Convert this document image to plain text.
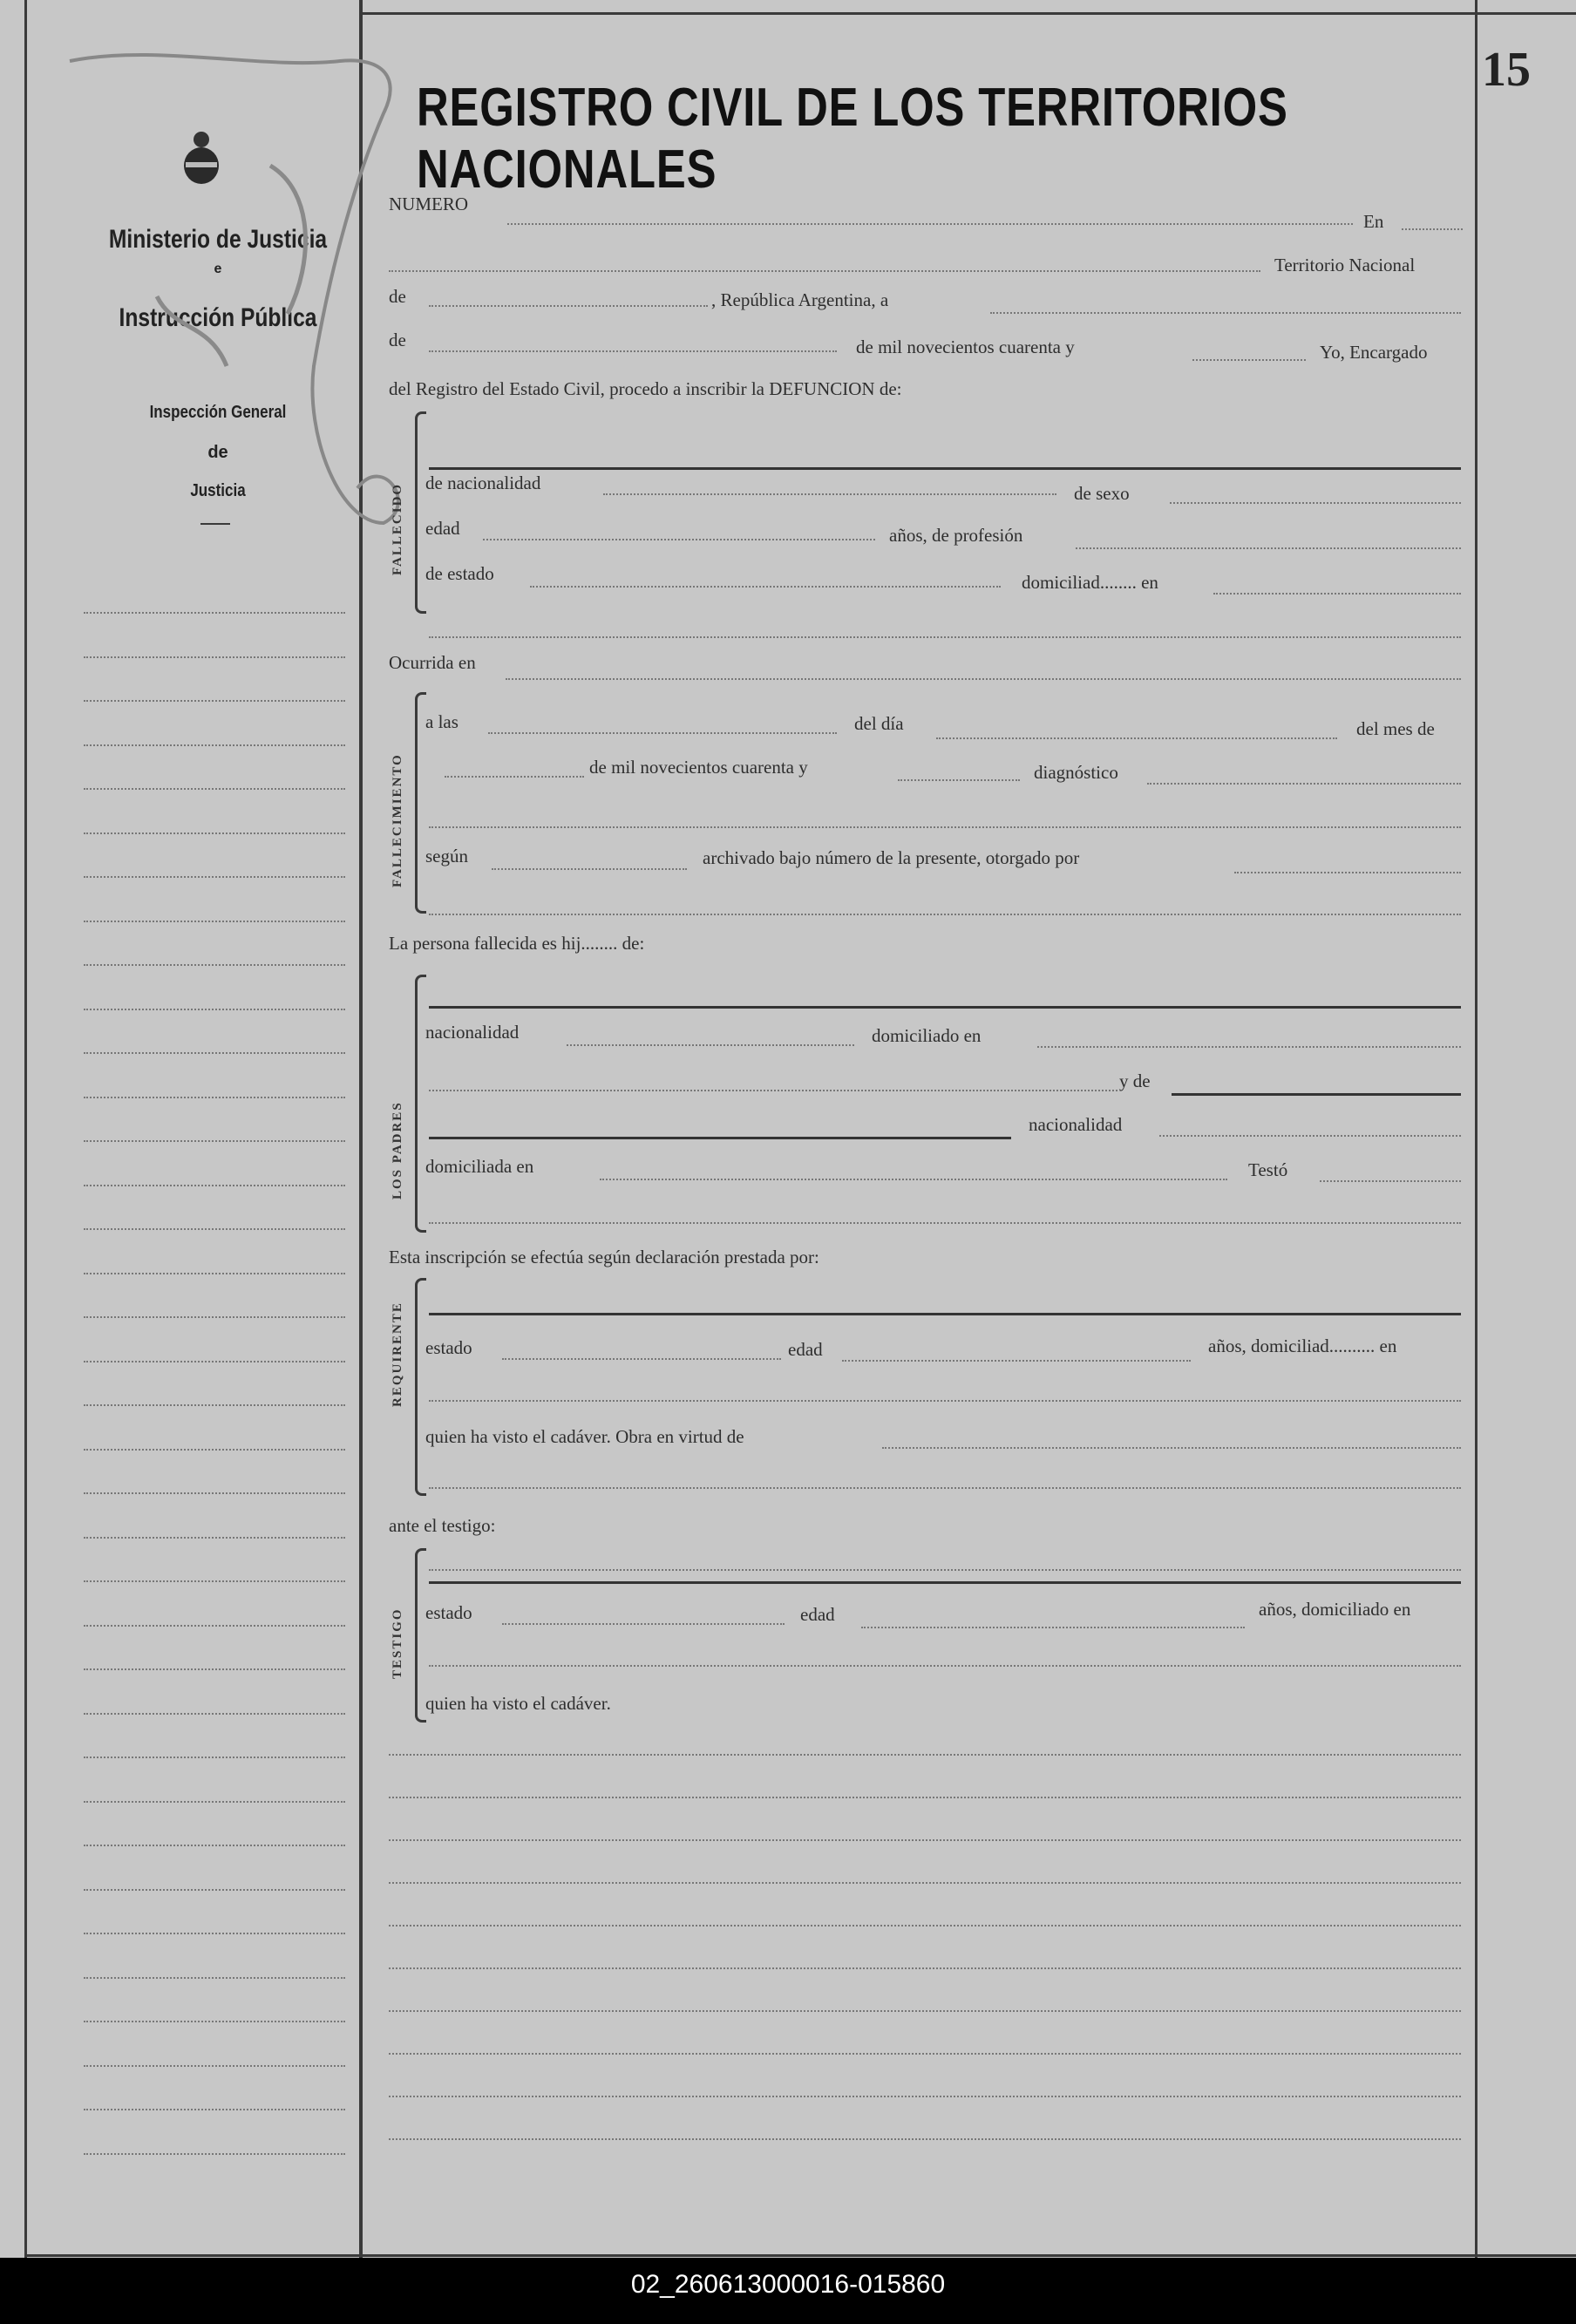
Ministerio de Justicia
e
Instrucción Pública
Inspección General
de
Justicia
REGISTRO CIVIL DE LOS TERRITORIOS NACIONALES
15
NUMERO
En
Territorio Nacional
de	, República Argentina, a
de	de mil novecientos cuarenta y	Yo, Encargado
del Registro del Estado Civil, procedo a inscribir la DEFUNCION de:
FALLECIDO de nacionalidad	de sexo
edad	años, de profesión
de estado	domiciliad........ en
Ocurrida en
FALLECIMIENTO
a las	del día	del mes de
de mil novecientos cuarenta y	diagnóstico
según	archivado bajo número de la presente, otorgado por
La persona fallecida es hij........ de:
LOS PADRES
nacionalidad	domiciliado en
y de
nacionalidad
domiciliada en	Testó
Esta inscripción se efectúa según declaración prestada por:
REQUIRENTE estado	edad	años, domiciliad.......... en
quien ha visto el cadáver. Obra en virtud de
ante el testigo:
TESTIGO estado	edad	años, domiciliado en
quien ha visto el cadáver.
02_260613000016-015860
